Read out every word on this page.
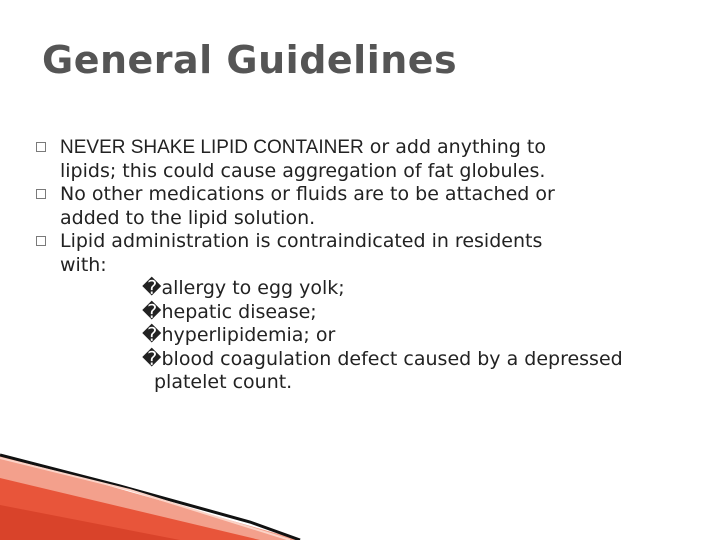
General Guidelines
NEVER SHAKE LIPID CONTAINER or add anything to
lipids; this could cause aggregation of fat globules.
No other medications or fluids are to be attached or
added to the lipid solution.
Lipid administration is contraindicated in residents
with:
�allergy to egg yolk;
�hepatic disease;
�hyperlipidemia; or
�blood coagulation defect caused by a depressed
platelet count.
